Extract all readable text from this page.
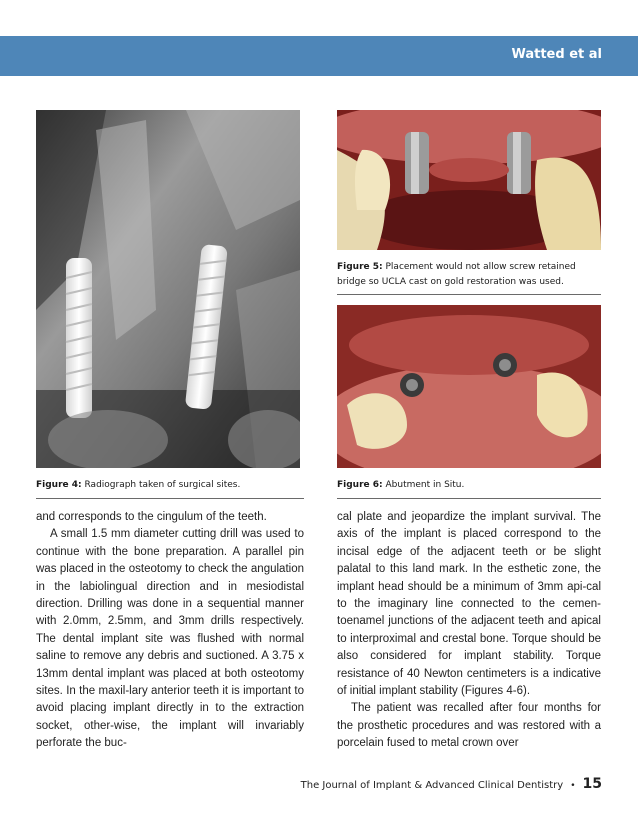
Watted et al
Figure 4: Radiograph taken of surgical sites.
Figure 5: Placement would not allow screw retained bridge so UCLA cast on gold restoration was used.
Figure 6: Abutment in Situ.

and corresponds to the cingulum of the teeth.

A small 1.5 mm diameter cutting drill was used to continue with the bone preparation. A parallel pin was placed in the osteotomy to check the angulation in the labiolingual direction and in mesiodistal direction. Drilling was done in a sequential manner with 2.0mm, 2.5mm, and 3mm drills respectively. The dental implant site was flushed with normal saline to remove any debris and suctioned. A 3.75 x 13mm dental implant was placed at both osteotomy sites. In the maxil-lary anterior teeth it is important to avoid placing implant directly in to the extraction socket, other-wise, the implant will invariably perforate the buc-

cal plate and jeopardize the implant survival. The axis of the implant is placed correspond to the incisal edge of the adjacent teeth or be slight palatal to this land mark. In the esthetic zone, the implant head should be a minimum of 3mm api-cal to the imaginary line connected to the cemen-toenamel junctions of the adjacent teeth and apical to interproximal and crestal bone. Torque should be also considered for implant stability. Torque resistance of 40 Newton centimeters is a indicative of initial implant stability (Figures 4-6).

The patient was recalled after four months for the prosthetic procedures and was restored with a porcelain fused to metal crown over

The Journal of Implant & Advanced Clinical Dentistry • 15
